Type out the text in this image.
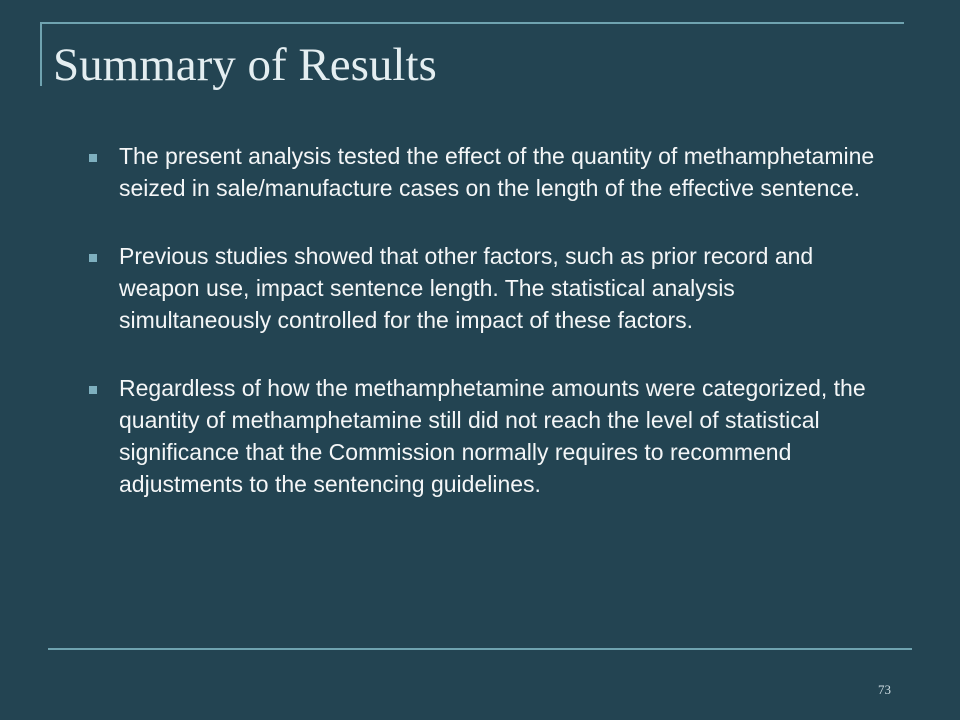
Summary of Results
The present analysis tested the effect of the quantity of methamphetamine seized in sale/manufacture cases on the length of the effective sentence.
Previous studies showed that other factors, such as prior record and weapon use, impact sentence length. The statistical analysis simultaneously controlled for the impact of these factors.
Regardless of how the methamphetamine amounts were categorized, the quantity of methamphetamine still did not reach the level of statistical significance that the Commission normally requires to recommend adjustments to the sentencing guidelines.
73
